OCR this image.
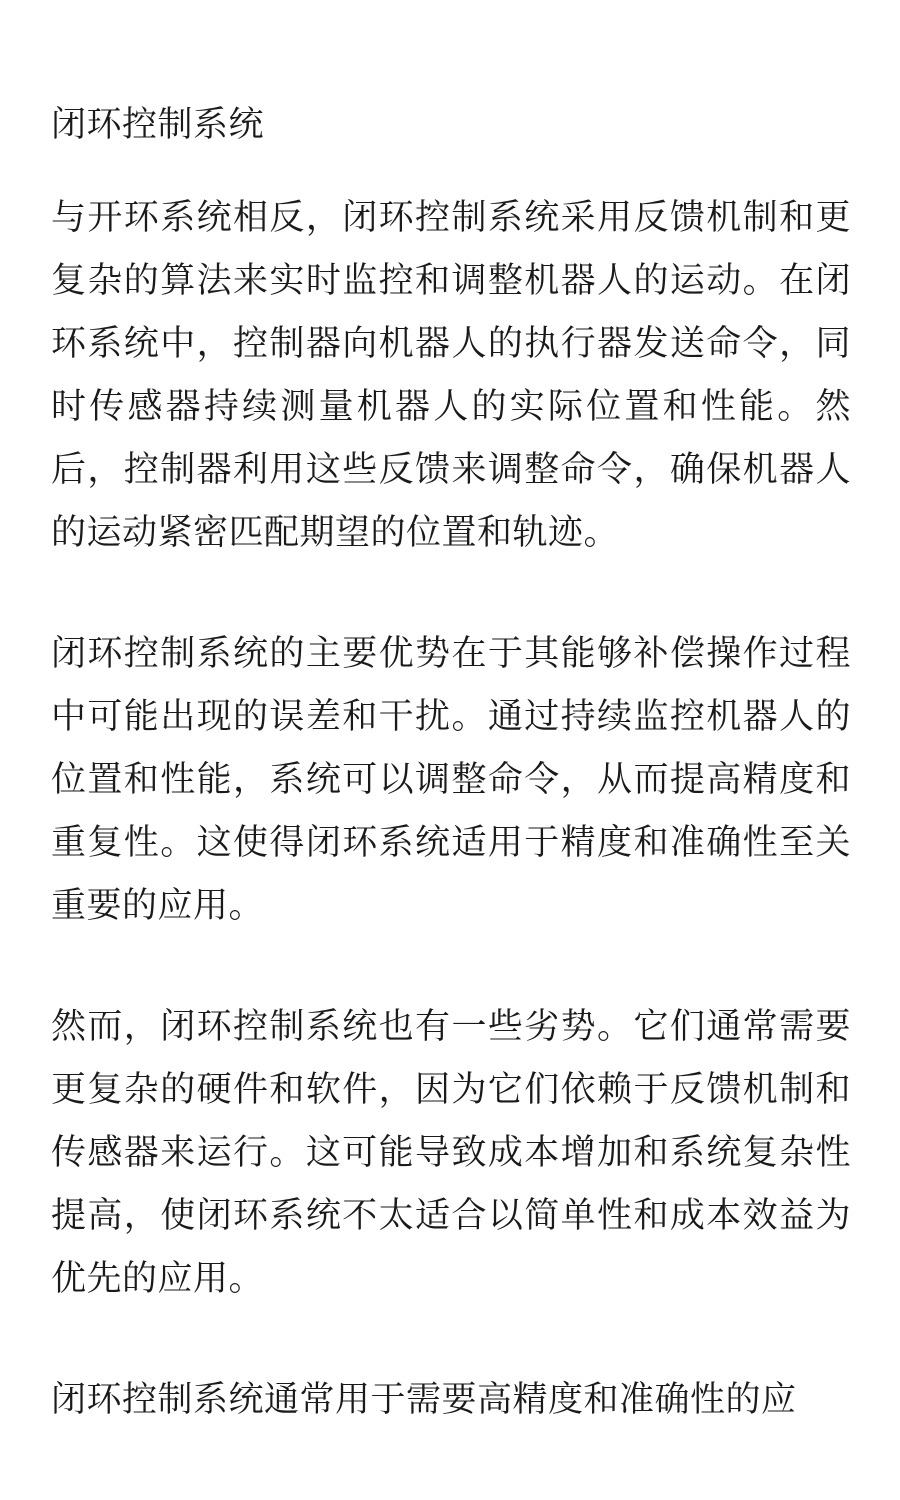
闭环控制系统

与开环系统相反，闭环控制系统采用反馈机制和更复杂的算法来实时监控和调整机器人的运动。在闭环系统中，控制器向机器人的执行器发送命令，同时传感器持续测量机器人的实际位置和性能。然后，控制器利用这些反馈来调整命令，确保机器人的运动紧密匹配期望的位置和轨迹。

闭环控制系统的主要优势在于其能够补偿操作过程中可能出现的误差和干扰。通过持续监控机器人的位置和性能，系统可以调整命令，从而提高精度和重复性。这使得闭环系统适用于精度和准确性至关重要的应用。

然而，闭环控制系统也有一些劣势。它们通常需要更复杂的硬件和软件，因为它们依赖于反馈机制和传感器来运行。这可能导致成本增加和系统复杂性提高，使闭环系统不太适合以简单性和成本效益为优先的应用。

闭环控制系统通常用于需要高精度和准确性的应
